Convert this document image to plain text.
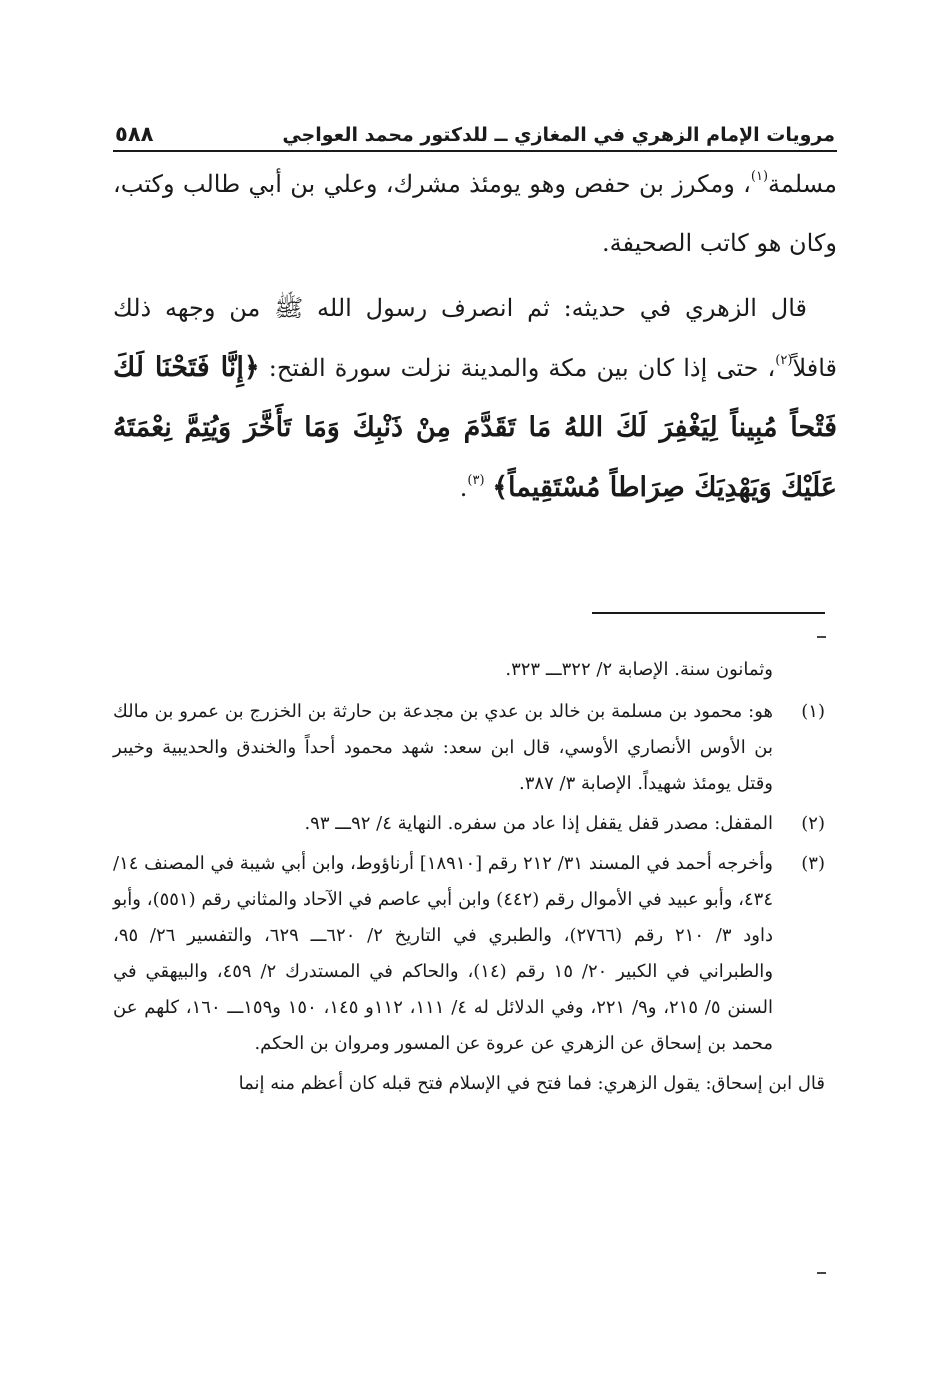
مرويات الإمام الزهري في المغازي ــ للدكتور محمد العواجي
٥٨٨

مسلمة$^{(١)}$، ومكرز بن حفص وهو يومئذ مشرك، وعلي بن أبي طالب وكتب، وكان هو كاتب الصحيفة.

قال الزهري في حديثه: ثم انصرف رسول الله ﷺ من وجهه ذلك قافلاً$^{(٢)}$، حتى إذا كان بين مكة والمدينة نزلت سورة الفتح: ﴿إِنَّا فَتَحْنَا لَكَ فَتْحاً مُبِيناً لِيَغْفِرَ لَكَ اللهُ مَا تَقَدَّمَ مِنْ ذَنْبِكَ وَمَا تَأَخَّرَ وَيُتِمَّ نِعْمَتَهُ عَلَيْكَ وَيَهْدِيَكَ صِرَاطاً مُسْتَقِيماً﴾ $^{(٣)}$.

وثمانون سنة. الإصابة ٢/ ٣٢٢ـــ ٣٢٣.

(١)
هو: محمود بن مسلمة بن خالد بن عدي بن مجدعة بن حارثة بن الخزرج بن عمرو بن مالك بن الأوس الأنصاري الأوسي، قال ابن سعد: شهد محمود أحداً والخندق والحديبية وخيبر وقتل يومئذ شهيداً. الإصابة ٣/ ٣٨٧.
(٢)
المقفل: مصدر قفل يقفل إذا عاد من سفره. النهاية ٤/ ٩٢ـــ ٩٣.
(٣)
وأخرجه أحمد في المسند ٣١/ ٢١٢ رقم [١٨٩١٠] أرناؤوط، وابن أبي شيبة في المصنف ١٤/ ٤٣٤، وأبو عبيد في الأموال رقم (٤٤٢) وابن أبي عاصم في الآحاد والمثاني رقم (٥٥١)، وأبو داود ٣/ ٢١٠ رقم (٢٧٦٦)، والطبري في التاريخ ٢/ ٦٢٠ـــ ٦٢٩، والتفسير ٢٦/ ٩٥، والطبراني في الكبير ٢٠/ ١٥ رقم (١٤)، والحاكم في المستدرك ٢/ ٤٥٩، والبيهقي في السنن ٥/ ٢١٥، و٩/ ٢٢١، وفي الدلائل له ٤/ ١١١، ١١٢و ١٤٥، ١٥٠ و١٥٩ـــ ١٦٠، كلهم عن محمد بن إسحاق عن الزهري عن عروة عن المسور ومروان بن الحكم.

قال ابن إسحاق: يقول الزهري: فما فتح في الإسلام فتح قبله كان أعظم منه إنما
